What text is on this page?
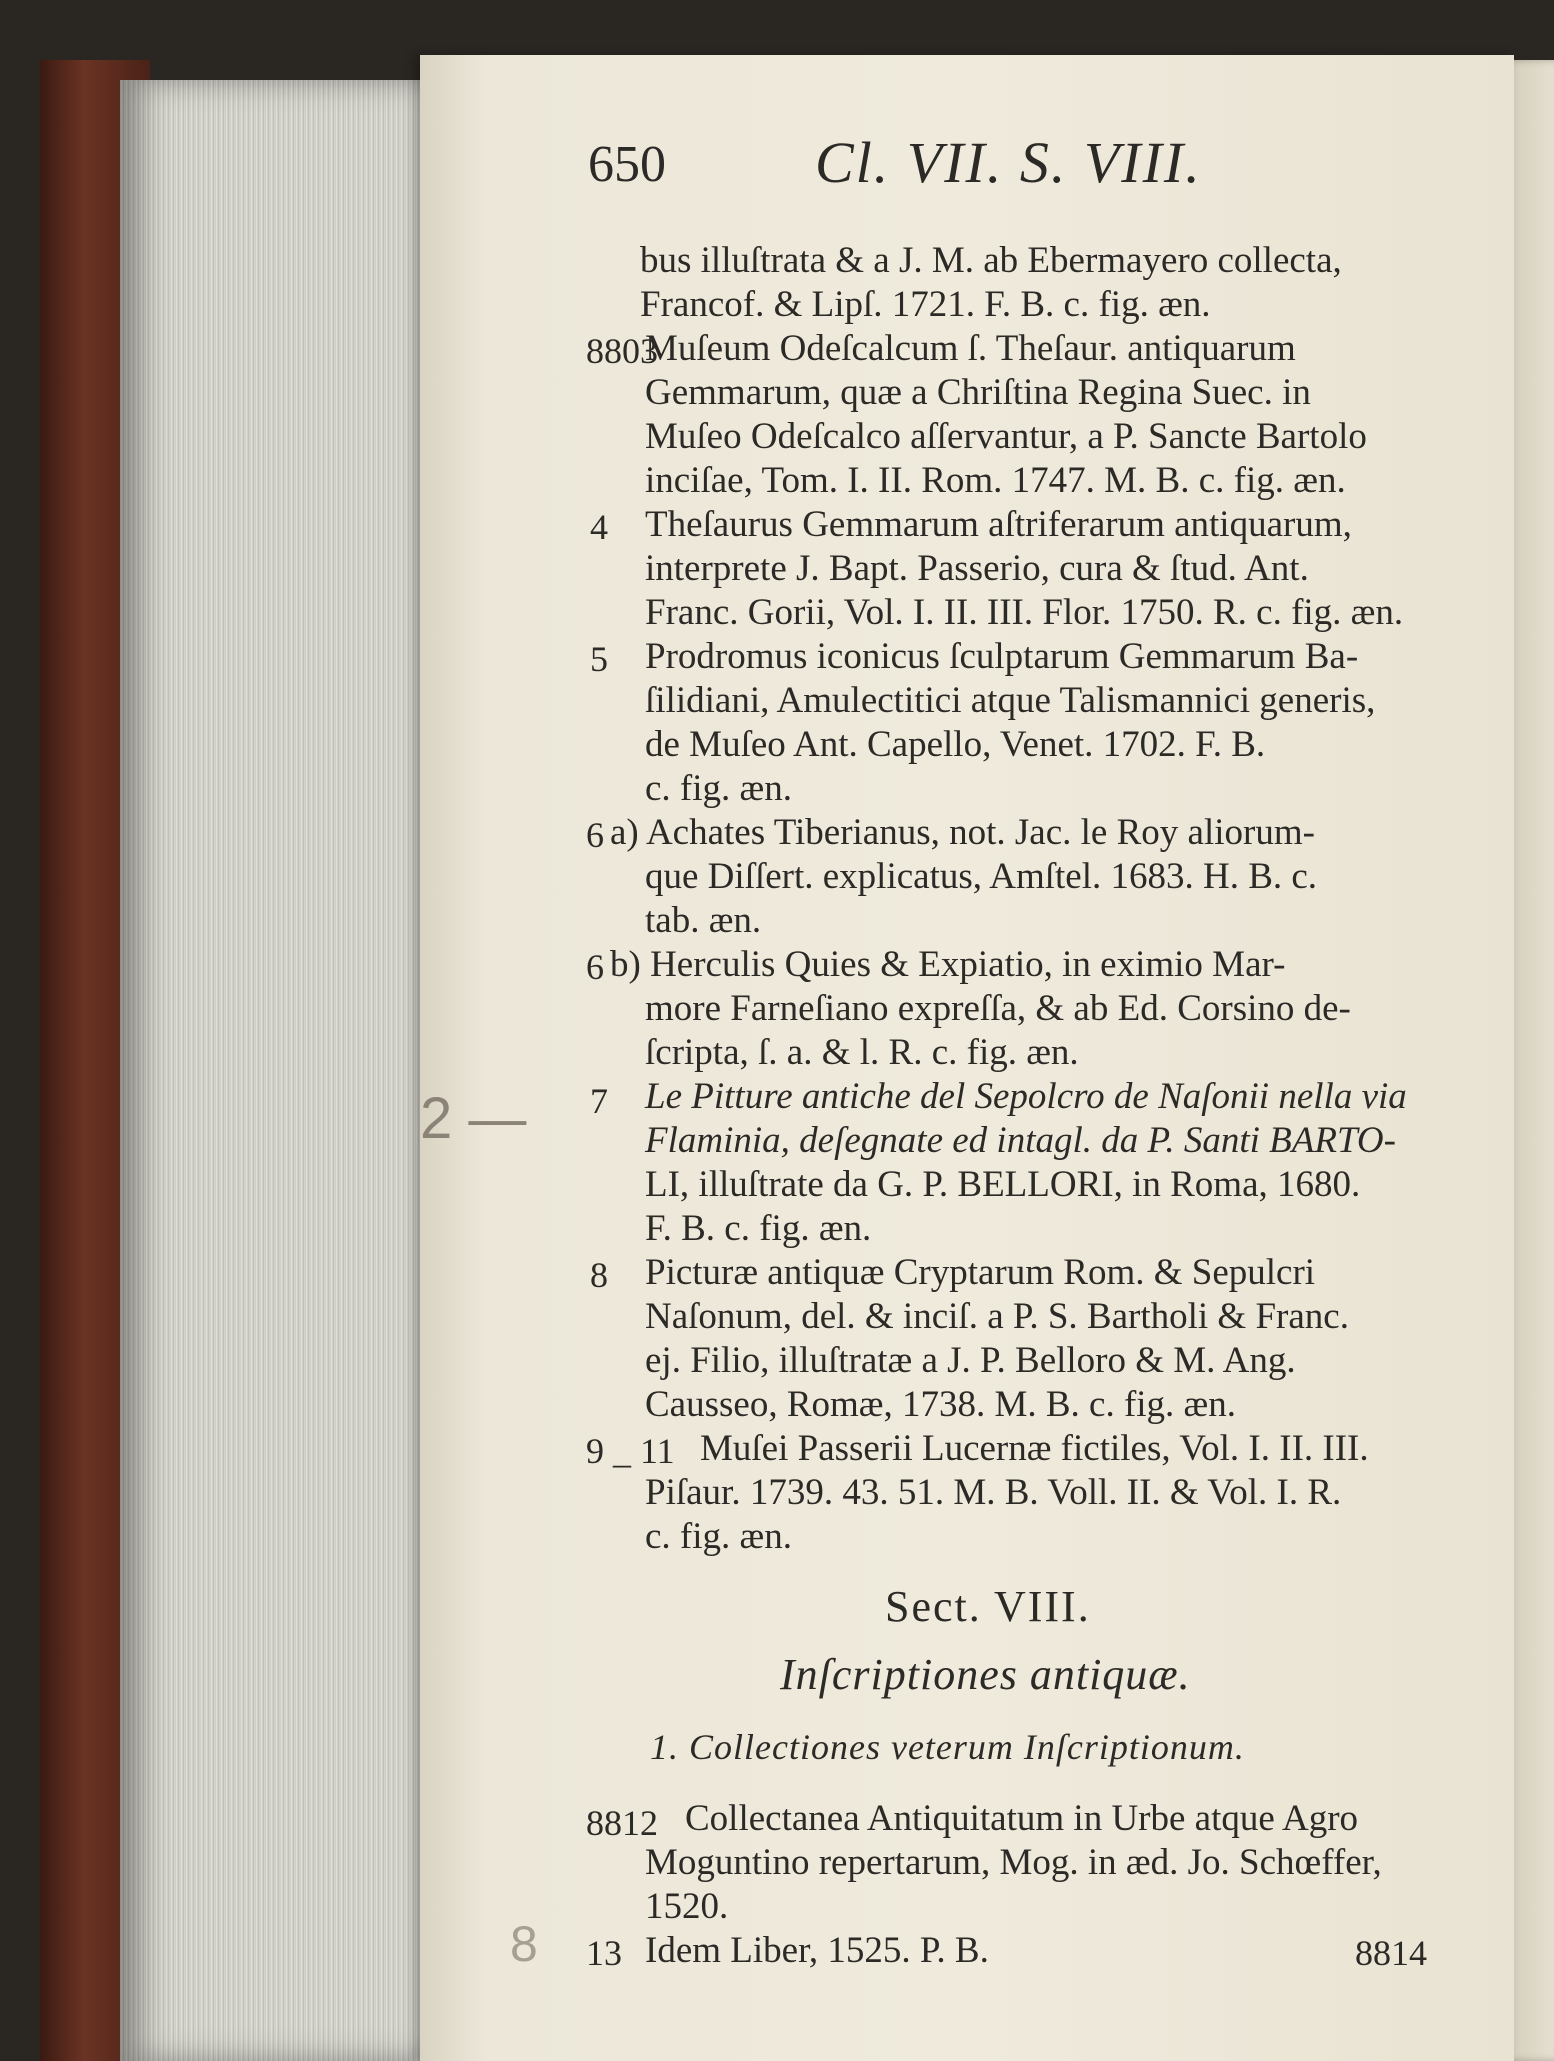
650	Cl. VII. S. VIII.
bus illuſtrata & a J. M. ab Ebermayero collecta,
Francof. & Lipſ. 1721. F. B. c. fig. æn.
8803
Muſeum Odeſcalcum ſ. Theſaur. antiquarum
Gemmarum, quæ a Chriſtina Regina Suec. in
Muſeo Odeſcalco aſſervantur, a P. Sancte Bartolo
inciſae, Tom. I. II. Rom. 1747. M. B. c. fig. æn.
4 Theſaurus Gemmarum aſtriferarum antiquarum,
interprete J. Bapt. Passerio, cura & ſtud. Ant.
Franc. Gorii, Vol. I. II. III. Flor. 1750. R. c. fig. æn.
5 Prodromus iconicus ſculptarum Gemmarum Ba-
ſilidiani, Amulectitici atque Talismannici generis,
de Muſeo Ant. Capello, Venet. 1702. F. B.
c. fig. æn.
6 a) Achates Tiberianus, not. Jac. le Roy aliorum-
que Diſſert. explicatus, Amſtel. 1683. H. B. c.
tab. æn.
6 b) Herculis Quies & Expiatio, in eximio Mar-
more Farneſiano expreſſa, & ab Ed. Corsino de-
ſcripta, ſ. a. & l. R. c. fig. æn.
7 Le Pitture antiche del Sepolcro de Naſonii nella via
Flaminia, deſegnate ed intagl. da P. Santi BARTO-
LI, illuſtrate da G. P. BELLORI, in Roma, 1680.
F. B. c. fig. æn.
8 Picturæ antiquæ Cryptarum Rom. & Sepulcri
Naſonum, del. & inciſ. a P. S. Bartholi & Franc.
ej. Filio, illuſtratæ a J. P. Belloro & M. Ang.
Causseo, Romæ, 1738. M. B. c. fig. æn.
9 _ 11 Muſei Passerii Lucernæ fictiles, Vol. I. II. III.
Piſaur. 1739. 43. 51. M. B. Voll. II. & Vol. I. R.
c. fig. æn.
Sect. VIII.
Inſcriptiones antiquæ.
1. Collectiones veterum Inſcriptionum.
8812 Collectanea Antiquitatum in Urbe atque Agro
Moguntino repertarum, Mog. in æd. Jo. Schœffer,
1520.
13 Idem Liber, 1525. P. B.	8814
2 —
8
